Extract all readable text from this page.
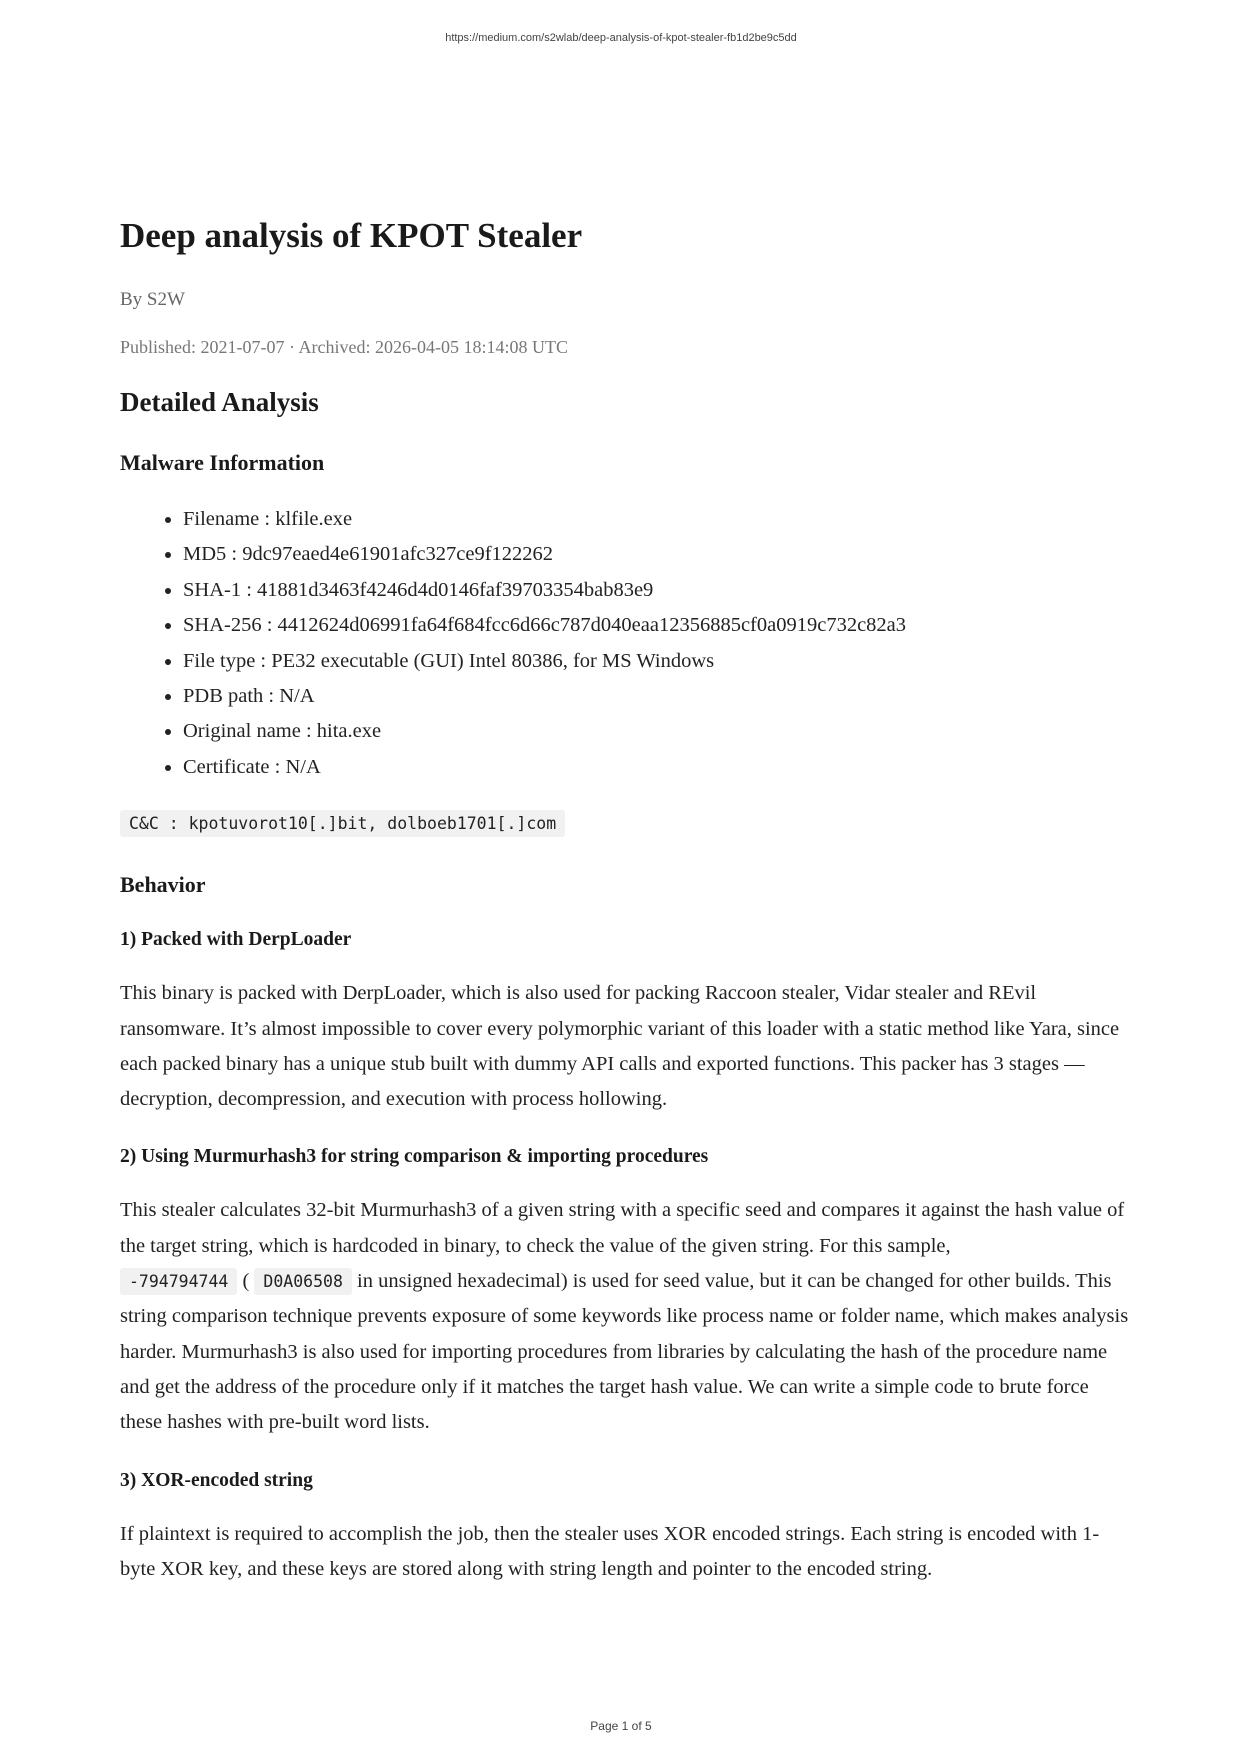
https://medium.com/s2wlab/deep-analysis-of-kpot-stealer-fb1d2be9c5dd
Deep analysis of KPOT Stealer
By S2W
Published: 2021-07-07 · Archived: 2026-04-05 18:14:08 UTC
Detailed Analysis
Malware Information
• Filename : klfile.exe
• MD5 : 9dc97eaed4e61901afc327ce9f122262
• SHA-1 : 41881d3463f4246d4d0146faf39703354bab83e9
• SHA-256 : 4412624d06991fa64f684fcc6d66c787d040eaa12356885cf0a0919c732c82a3
• File type : PE32 executable (GUI) Intel 80386, for MS Windows
• PDB path : N/A
• Original name : hita.exe
• Certificate : N/A
C&C : kpotuvorot10[.]bit, dolboeb1701[.]com
Behavior
1) Packed with DerpLoader

This binary is packed with DerpLoader, which is also used for packing Raccoon stealer, Vidar stealer and REvil ransomware. It’s almost impossible to cover every polymorphic variant of this loader with a static method like Yara, since each packed binary has a unique stub built with dummy API calls and exported functions. This packer has 3 stages — decryption, decompression, and execution with process hollowing.

2) Using Murmurhash3 for string comparison & importing procedures

This stealer calculates 32-bit Murmurhash3 of a given string with a specific seed and compares it against the hash value of the target string, which is hardcoded in binary, to check the value of the given string. For this sample,
-794794744 ( D0A06508 in unsigned hexadecimal) is used for seed value, but it can be changed for other builds. This string comparison technique prevents exposure of some keywords like process name or folder name, which makes analysis harder. Murmurhash3 is also used for importing procedures from libraries by calculating the hash of the procedure name and get the address of the procedure only if it matches the target hash value. We can write a simple code to brute force these hashes with pre-built word lists.

3) XOR-encoded string

If plaintext is required to accomplish the job, then the stealer uses XOR encoded strings. Each string is encoded with 1-byte XOR key, and these keys are stored along with string length and pointer to the encoded string.

Page 1 of 5
